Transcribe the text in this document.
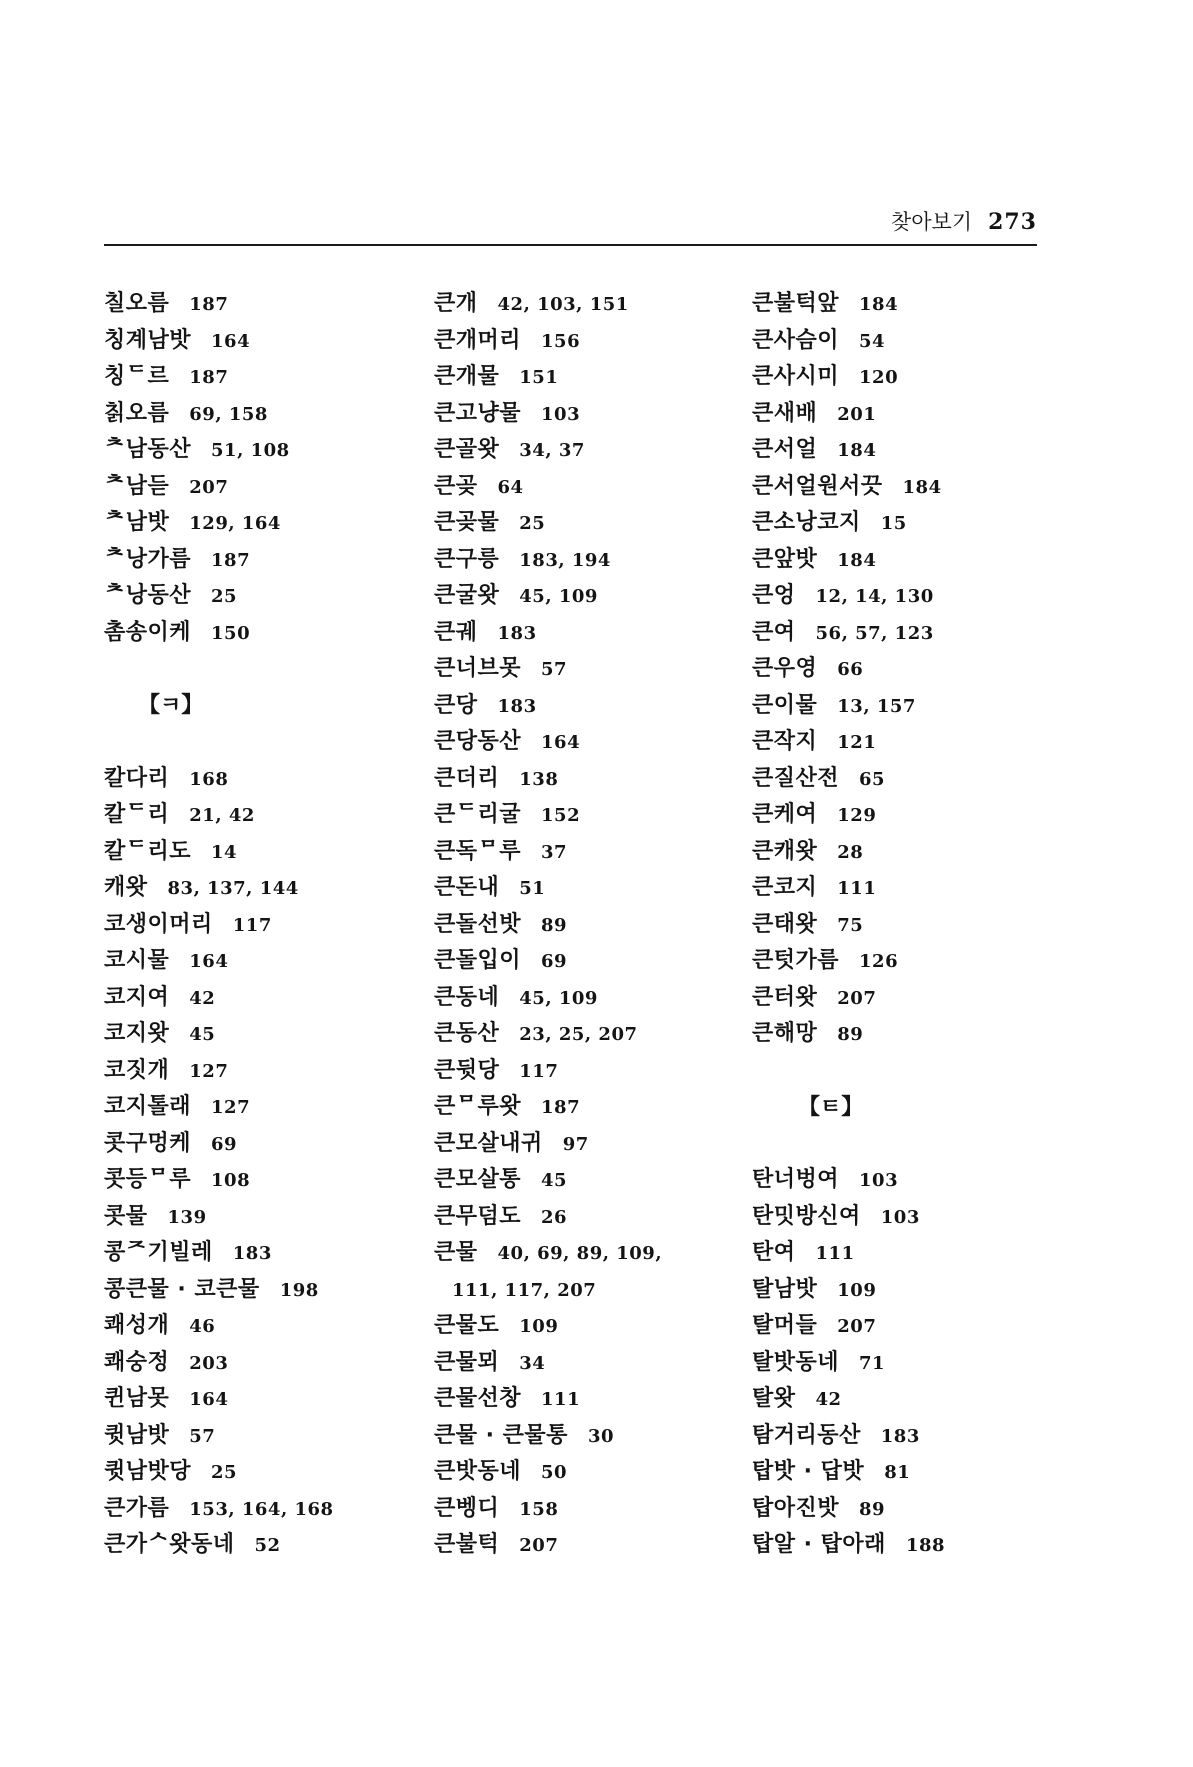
찾아보기 273
칠오름 187
칭계남밧 164
칭ᄃ르 187
칡오름 69, 158
ᄎ남동산 51, 108
ᄎ남듣 207
ᄎ남밧 129, 164
ᄎ낭가름 187
ᄎ낭동산 25
촘송이케 150
【ㅋ】
칼다리 168
칼ᄃ리 21, 42
칼ᄃ리도 14
캐왓 83, 137, 144
코생이머리 117
코시물 164
코지여 42
코지왓 45
코짓개 127
코지톨래 127
콧구멍케 69
콧등ᄆ루 108
콧물 139
콩ᄌ기빌레 183
콩큰물 · 코큰물 198
쾌성개 46
쾌숭정 203
퀸남못 164
큇남밧 57
큇남밧당 25
큰가름 153, 164, 168
큰가ᄉ왓동네 52
큰개 42, 103, 151
큰개머리 156
큰개물 151
큰고냥물 103
큰골왓 34, 37
큰곶 64
큰곶물 25
큰구릉 183, 194
큰굴왓 45, 109
큰궤 183
큰너브못 57
큰당 183
큰당동산 164
큰더리 138
큰ᄃ리굴 152
큰독ᄆ루 37
큰돈내 51
큰돌선밧 89
큰돌입이 69
큰동네 45, 109
큰동산 23, 25, 207
큰뒷당 117
큰ᄆ루왓 187
큰모살내귀 97
큰모살통 45
큰무덤도 26
큰물 40, 69, 89, 109,
111, 117, 207
큰물도 109
큰물뫼 34
큰물선창 111
큰물 · 큰물통 30
큰밧동네 50
큰벵디 158
큰불턱 207
큰불턱앞 184
큰사슴이 54
큰사시미 120
큰새배 201
큰서얼 184
큰서얼원서끗 184
큰소낭코지 15
큰앞밧 184
큰엉 12, 14, 130
큰여 56, 57, 123
큰우영 66
큰이물 13, 157
큰작지 121
큰질산전 65
큰케여 129
큰캐왓 28
큰코지 111
큰태왓 75
큰텃가름 126
큰터왓 207
큰해망 89
【ㅌ】
탄너벙여 103
탄밋방신여 103
탄여 111
탈남밧 109
탈머들 207
탈밧동네 71
탈왓 42
탐거리동산 183
탑밧 · 답밧 81
탑아진밧 89
탑알 · 탑아래 188
